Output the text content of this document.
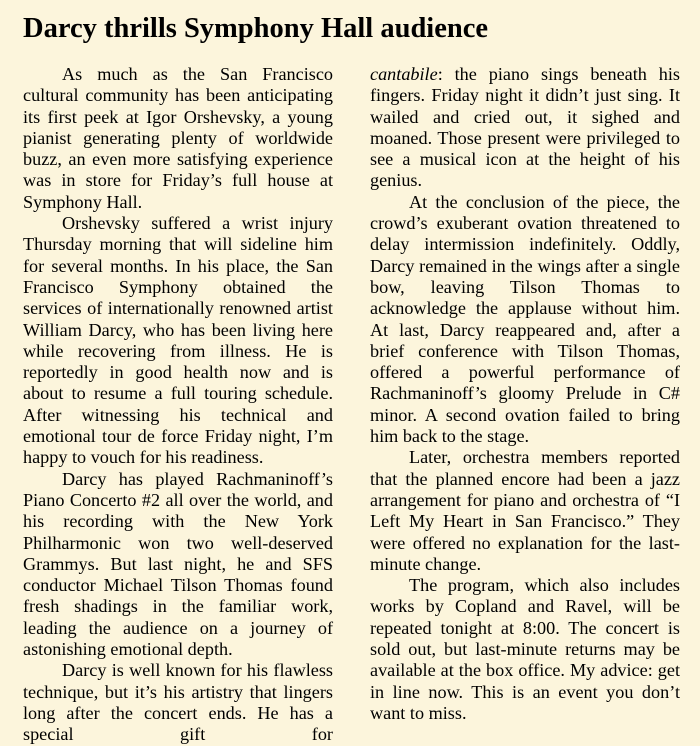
Darcy thrills Symphony Hall audience

As much as the San Francisco cultural community has been anticipating its first peek at Igor Orshevsky, a young pianist generating plenty of worldwide buzz, an even more satisfying experience was in store for Friday’s full house at Symphony Hall.

Orshevsky suffered a wrist injury Thursday morning that will sideline him for several months. In his place, the San Francisco Symphony obtained the services of internationally renowned artist William Darcy, who has been living here while recovering from illness. He is reportedly in good health now and is about to resume a full touring schedule. After witnessing his technical and emotional tour de force Friday night, I’m happy to vouch for his readiness.

Darcy has played Rachmaninoff’s Piano Concerto #2 all over the world, and his recording with the New York Philharmonic won two well-deserved Grammys. But last night, he and SFS conductor Michael Tilson Thomas found fresh shadings in the familiar work, leading the audience on a journey of astonishing emotional depth.

Darcy is well known for his flawless technique, but it’s his artistry that lingers long after the concert ends. He has a special gift for

cantabile: the piano sings beneath his fingers. Friday night it didn’t just sing. It wailed and cried out, it sighed and moaned. Those present were privileged to see a musical icon at the height of his genius.

At the conclusion of the piece, the crowd’s exuberant ovation threatened to delay intermission indefinitely. Oddly, Darcy remained in the wings after a single bow, leaving Tilson Thomas to acknowledge the applause without him. At last, Darcy reappeared and, after a brief conference with Tilson Thomas, offered a powerful performance of Rachmaninoff’s gloomy Prelude in C# minor. A second ovation failed to bring him back to the stage.

Later, orchestra members reported that the planned encore had been a jazz arrangement for piano and orchestra of “I Left My Heart in San Francisco.” They were offered no explanation for the last-minute change.

The program, which also includes works by Copland and Ravel, will be repeated tonight at 8:00. The concert is sold out, but last-minute returns may be available at the box office. My advice: get in line now. This is an event you don’t want to miss.
